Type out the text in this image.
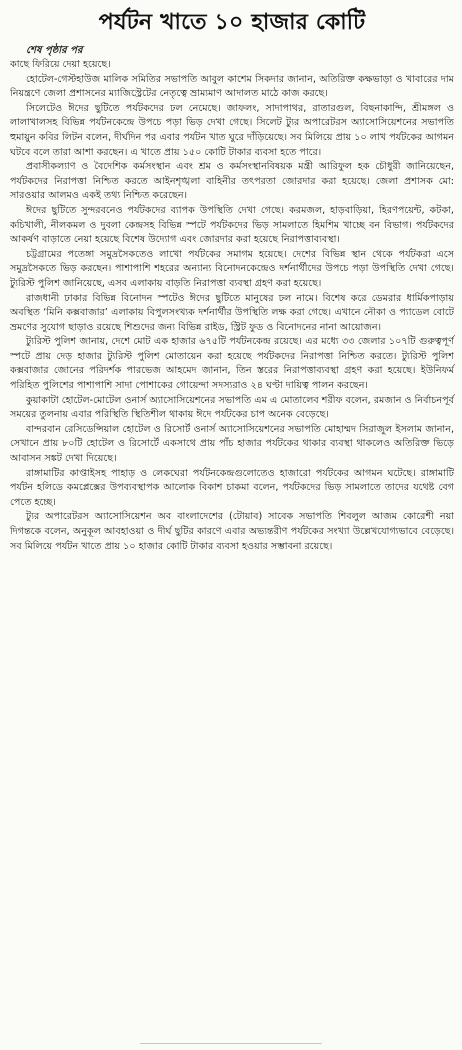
পর্যটন খাতে ১০ হাজার কোটি
শেষ পৃষ্ঠার পর

কাছে ফিরিয়ে দেয়া হয়েছে।

হোটেল-গেস্টহাউজ মালিক সমিতির সভাপতি আবুল কাশেম সিকদার জানান, অতিরিক্ত কক্ষভাড়া ও খাবারের দাম নিয়ন্ত্রণে জেলা প্রশাসনের ম্যাজিস্ট্রেটের নেতৃত্বে ভ্রাম্যমাণ আদালত মাঠে কাজ করছে।

সিলেটেও ঈদের ছুটিতে পর্যটকদের ঢল নেমেছে। জাফলং, সাদাপাথর, রাতারগুল, বিছনাকান্দি, শ্রীমঙ্গল ও লালাখালসহ বিভিন্ন পর্যটনকেন্দ্রে উপচে পড়া ভিড় দেখা গেছে। সিলেট ট্যুর অপারেটরস অ্যাসোসিয়েশনের সভাপতি হুমায়ুন কবির লিটন বলেন, দীর্ঘদিন পর এবার পর্যটন খাত ঘুরে দাঁড়িয়েছে। সব মিলিয়ে প্রায় ১০ লাখ পর্যটকের আগমন ঘটবে বলে তারা আশা করছেন। এ খাতে প্রায় ১৫০ কোটি টাকার ব্যবসা হতে পারে।

প্রবাসীকল্যাণ ও বৈদেশিক কর্মসংস্থান এবং শ্রম ও কর্মসংস্থানবিষয়ক মন্ত্রী আরিফুল হক চৌধুরী জানিয়েছেন, পর্যটকদের নিরাপত্তা নিশ্চিত করতে আইনশৃঙ্খলা বাহিনীর তৎপরতা জোরদার করা হয়েছে। জেলা প্রশাসক মো: সারওয়ার আলমও একই তথ্য নিশ্চিত করেছেন।

ঈদের ছুটিতে সুন্দরবনেও পর্যটকদের ব্যাপক উপস্থিতি দেখা গেছে। করমজল, হাড়বাড়িয়া, হিরণপয়েন্ট, কটকা, কচিখালী, নীলকমল ও দুবলা কেন্দ্রসহ বিভিন্ন স্পটে পর্যটকদের ভিড় সামলাতে হিমশিম খাচ্ছে বন বিভাগ। পর্যটকদের আকর্ষণ বাড়াতে নেয়া হয়েছে বিশেষ উদ্যোগ এবং জোরদার করা হয়েছে নিরাপত্তাব্যবস্থা।

চট্টগ্রামের পতেঙ্গা সমুদ্রসৈকতেও লাখো পর্যটকের সমাগম হয়েছে। দেশের বিভিন্ন স্থান থেকে পর্যটকরা এসে সমুদ্রসৈকতে ভিড় করছেন। পাশাপাশি শহরের অন্যান্য বিনোদনকেন্দ্রেও দর্শনার্থীদের উপচে পড়া উপস্থিতি দেখা গেছে। ট্যুরিস্ট পুলিশ জানিয়েছে, এসব এলাকায় বাড়তি নিরাপত্তা ব্যবস্থা গ্রহণ করা হয়েছে।

রাজধানী ঢাকার বিভিন্ন বিনোদন স্পটেও ঈদের ছুটিতে মানুষের ঢল নামে। বিশেষ করে ডেমরার ধার্মিকপাড়ায় অবস্থিত ‘মিনি কক্সবাজার’ এলাকায় বিপুলসংখ্যক দর্শনার্থীর উপস্থিতি লক্ষ করা গেছে। এখানে নৌকা ও প্যাডেল বোটে ভ্রমণের সুযোগ ছাড়াও রয়েছে শিশুদের জন্য বিভিন্ন রাইড, স্ট্রিট ফুড ও বিনোদনের নানা আয়োজন।

ট্যুরিস্ট পুলিশ জানায়, দেশে মোট এক হাজার ৬৭৫টি পর্যটনকেন্দ্র রয়েছে। এর মধ্যে ৩৩ জেলার ১০৭টি গুরুত্বপূর্ণ স্পটে প্রায় দেড় হাজার ট্যুরিস্ট পুলিশ মোতায়েন করা হয়েছে পর্যটকদের নিরাপত্তা নিশ্চিত করতে। ট্যুরিস্ট পুলিশ কক্সবাজার জোনের পরিদর্শক পারভেজ আহমেদ জানান, তিন স্তরের নিরাপত্তাব্যবস্থা গ্রহণ করা হয়েছে। ইউনিফর্ম পরিহিত পুলিশের পাশাপাশি সাদা পোশাকের গোয়েন্দা সদস্যরাও ২৪ ঘণ্টা দায়িত্ব পালন করছেন।

কুয়াকাটা হোটেল-মোটেল ওনার্স অ্যাসোসিয়েশনের সভাপতি এম এ মোতালেব শরীফ বলেন, রমজান ও নির্বাচনপূর্ব সময়ের তুলনায় এবার পরিস্থিতি স্থিতিশীল থাকায় ঈদে পর্যটকের চাপ অনেক বেড়েছে।

বান্দরবান রেসিডেন্সিয়াল হোটেল ও রিসোর্ট ওনার্স অ্যাসোসিয়েশনের সভাপতি মোহাম্মদ সিরাজুল ইসলাম জানান, সেখানে প্রায় ৮০টি হোটেল ও রিসোর্টে একসাথে প্রায় পাঁচ হাজার পর্যটকের থাকার ব্যবস্থা থাকলেও অতিরিক্ত ভিড়ে আবাসন সঙ্কট দেখা দিয়েছে।

রাঙ্গামাটির কাপ্তাইসহ পাহাড় ও লেকঘেরা পর্যটনকেন্দ্রগুলোতেও হাজারো পর্যটকের আগমন ঘটেছে। রাঙ্গামাটি পর্যটন হলিডে কমপ্লেক্সের উপব্যবস্থাপক আলোক বিকাশ চাকমা বলেন, পর্যটকদের ভিড় সামলাতে তাদের যথেষ্ট বেগ পেতে হচ্ছে।

ট্যুর অপারেটরস অ্যাসোসিয়েশন অব বাংলাদেশের (টোয়াব) সাবেক সভাপতি শিবলুল আজম কোরেশী নয়া দিগন্তকে বলেন, অনুকূল আবহাওয়া ও দীর্ঘ ছুটির কারণে এবার অভ্যন্তরীণ পর্যটকের সংখ্যা উল্লেখযোগ্যভাবে বেড়েছে। সব মিলিয়ে পর্যটন খাতে প্রায় ১০ হাজার কোটি টাকার ব্যবসা হওয়ার সম্ভাবনা রয়েছে।
